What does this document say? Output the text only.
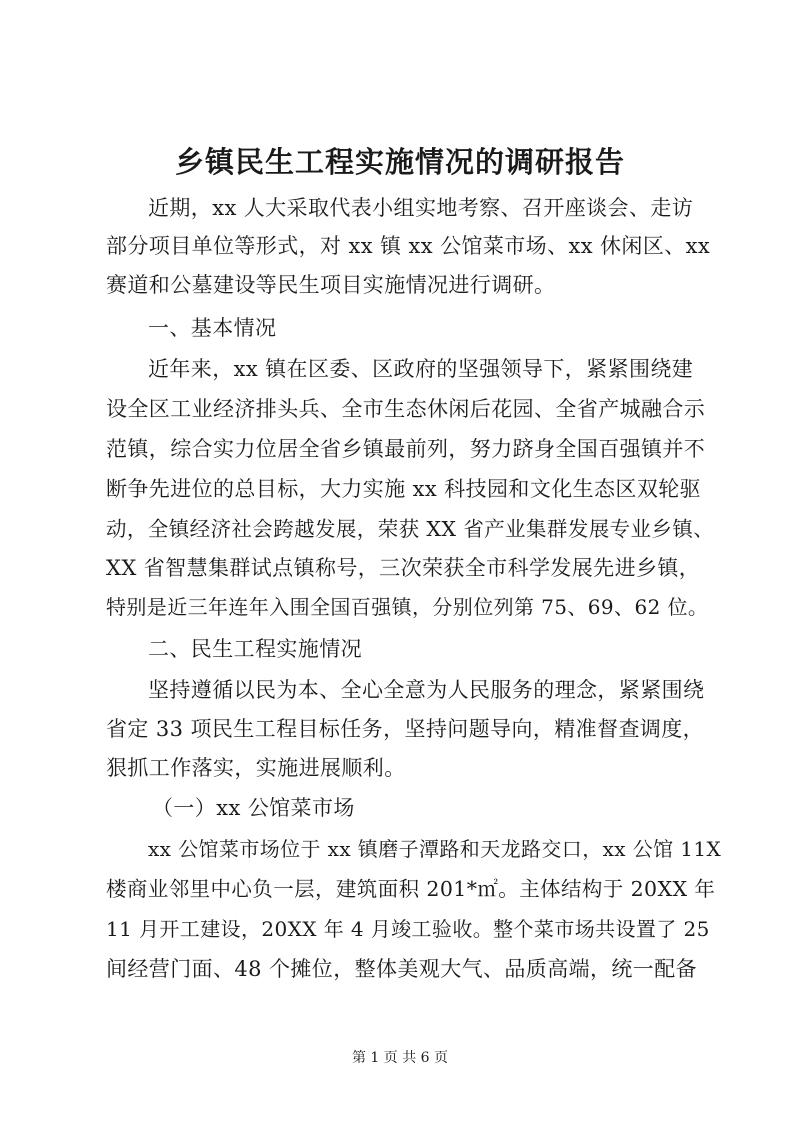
乡镇民生工程实施情况的调研报告
近期，xx 人大采取代表小组实地考察、召开座谈会、走访
部分项目单位等形式，对 xx 镇 xx 公馆菜市场、xx 休闲区、xx
赛道和公墓建设等民生项目实施情况进行调研。
一、基本情况
近年来，xx 镇在区委、区政府的坚强领导下，紧紧围绕建
设全区工业经济排头兵、全市生态休闲后花园、全省产城融合示
范镇，综合实力位居全省乡镇最前列，努力跻身全国百强镇并不
断争先进位的总目标，大力实施 xx 科技园和文化生态区双轮驱
动，全镇经济社会跨越发展，荣获 XX 省产业集群发展专业乡镇、
XX 省智慧集群试点镇称号，三次荣获全市科学发展先进乡镇，
特别是近三年连年入围全国百强镇，分别位列第 75、69、62 位。
二、民生工程实施情况
坚持遵循以民为本、全心全意为人民服务的理念，紧紧围绕
省定 33 项民生工程目标任务，坚持问题导向，精准督查调度，
狠抓工作落实，实施进展顺利。
（一）xx 公馆菜市场
xx 公馆菜市场位于 xx 镇磨子潭路和天龙路交口，xx 公馆 11X
楼商业邻里中心负一层，建筑面积 201*㎡。主体结构于 20XX 年
11 月开工建设，20XX 年 4 月竣工验收。整个菜市场共设置了 25
间经营门面、48 个摊位，整体美观大气、品质高端，统一配备
第 1 页 共 6 页
